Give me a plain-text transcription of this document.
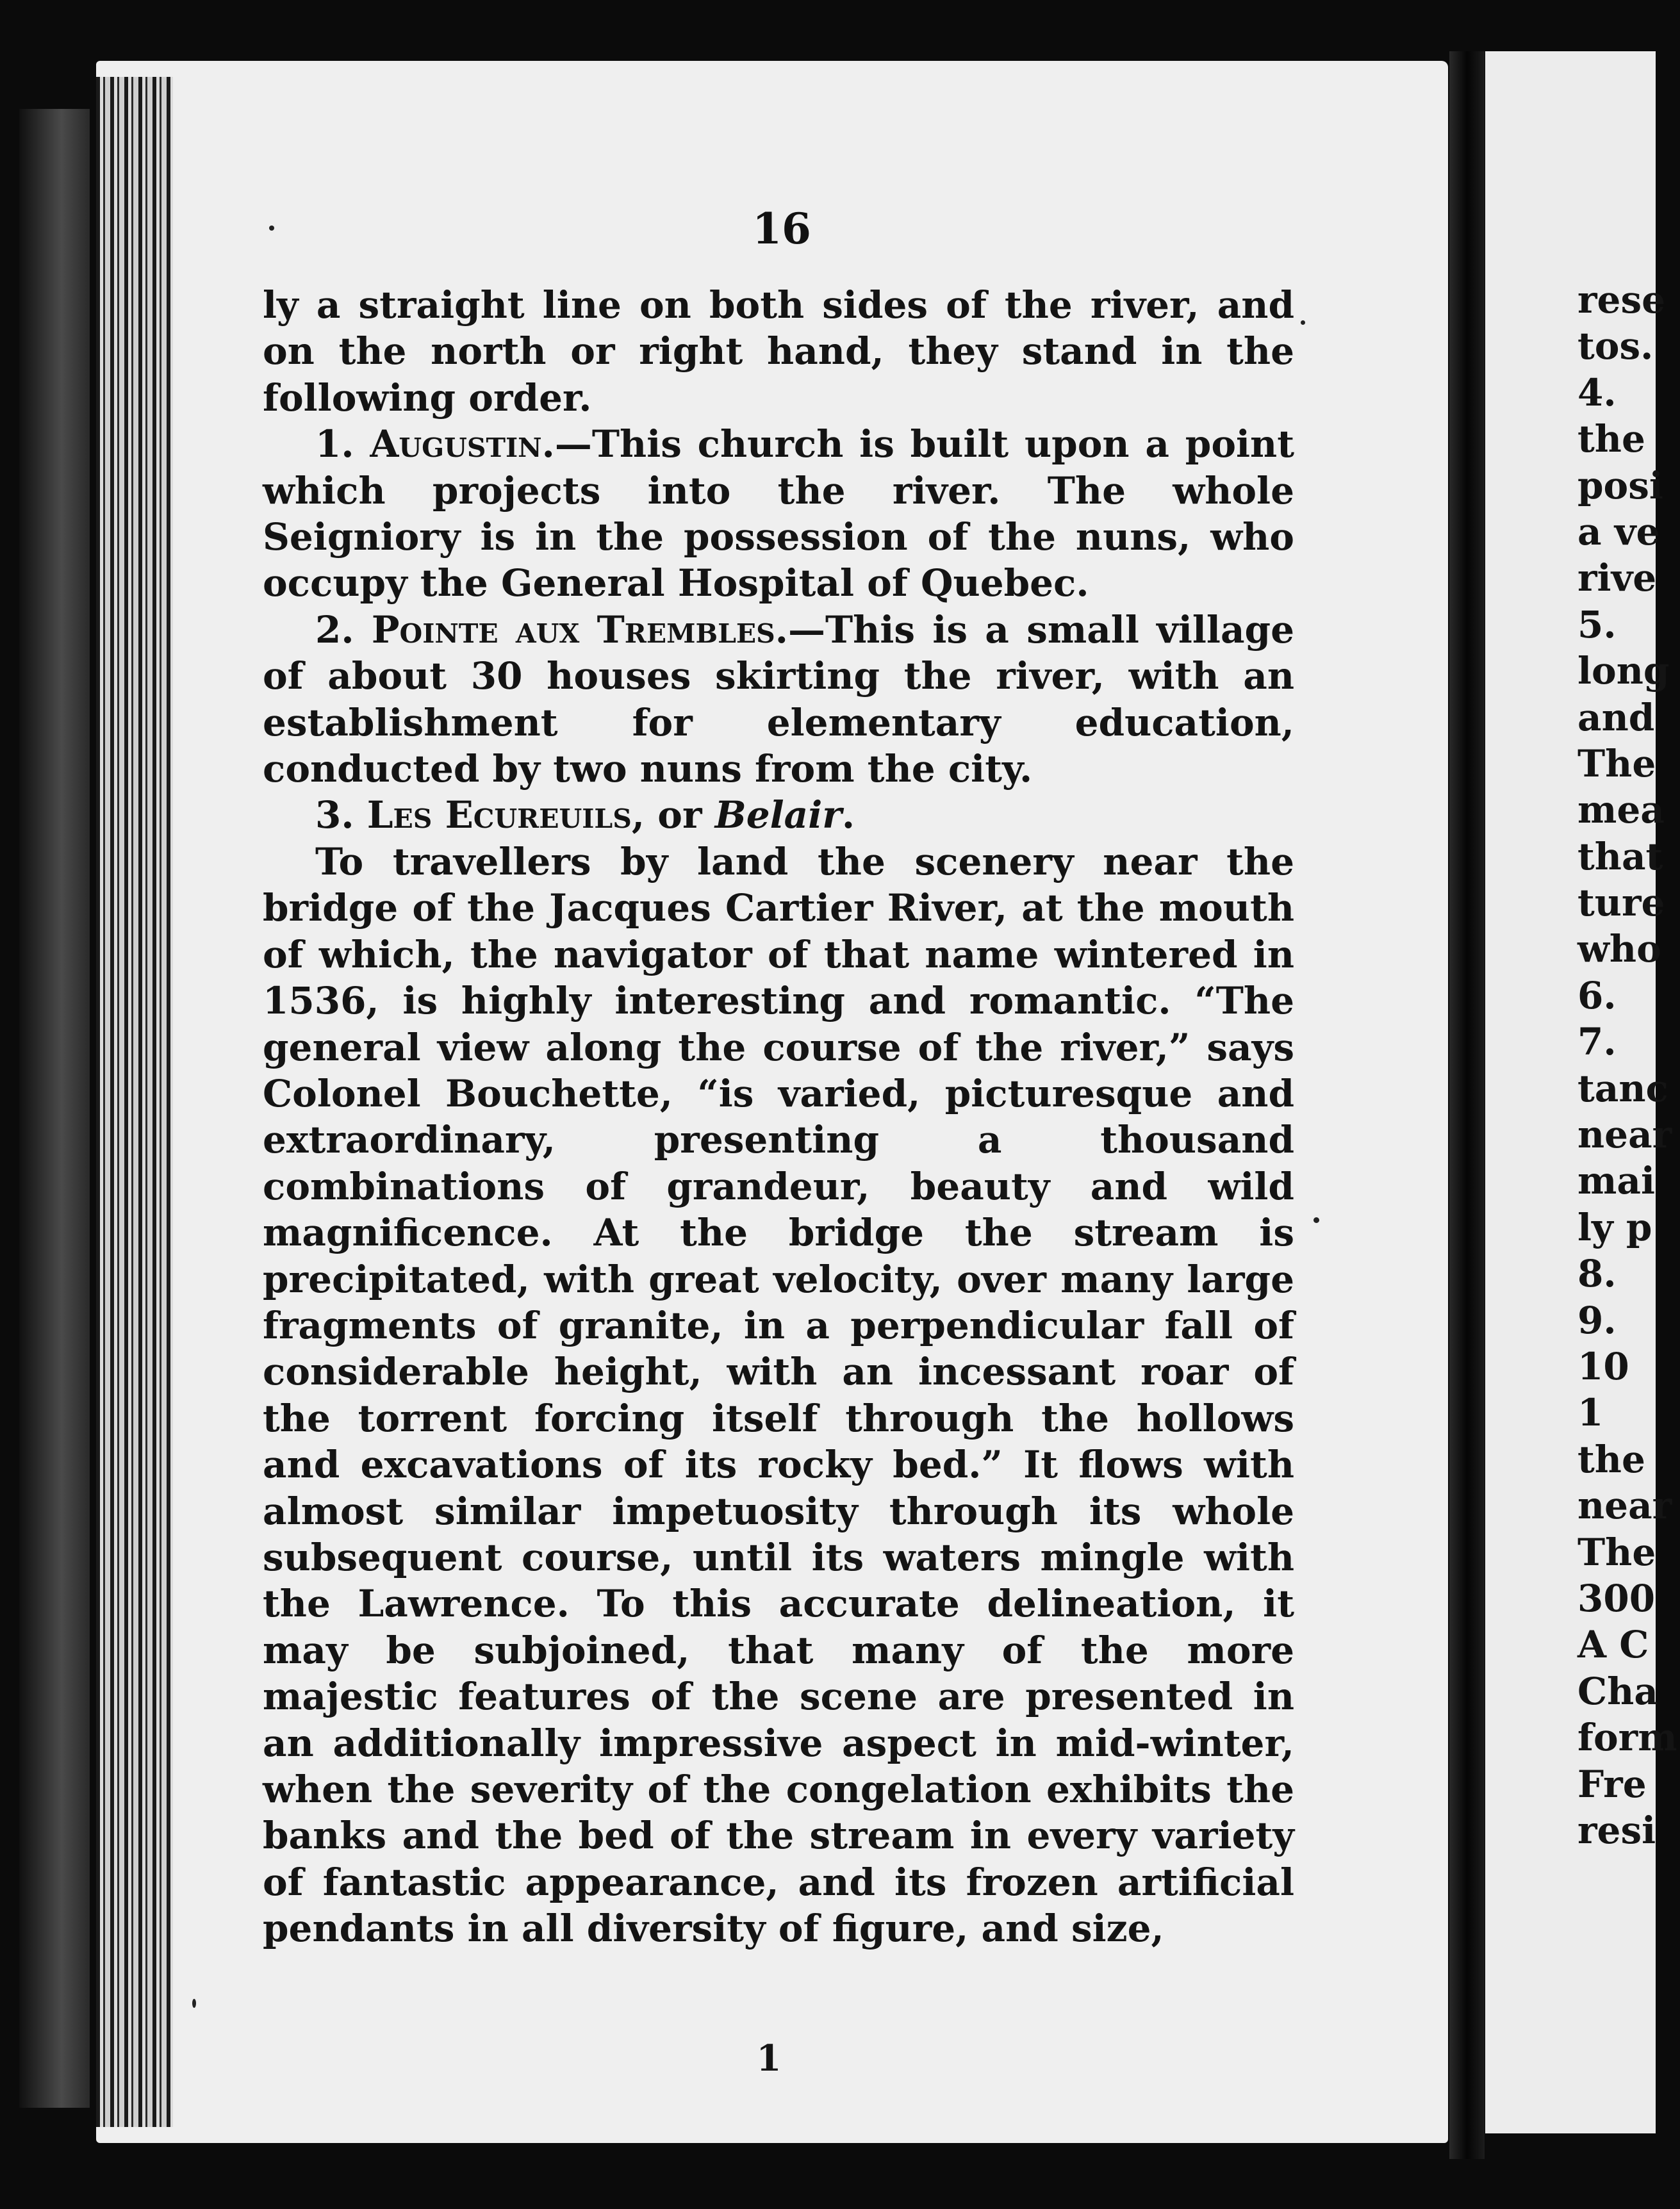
16

ly a straight line on both sides of the river, and on the north or right hand, they stand in the following order.

1. Augustin.—This church is built upon a point which projects into the river. The whole Seigniory is in the possession of the nuns, who occupy the General Hospital of Quebec.

2. Pointe aux Trembles.—This is a small village of about 30 houses skirting the river, with an establishment for elementary education, conducted by two nuns from the city.

3. Les Ecureuils, or Belair.

To travellers by land the scenery near the bridge of the Jacques Cartier River, at the mouth of which, the navigator of that name wintered in 1536, is highly interesting and romantic. “The general view along the course of the river,” says Colonel Bouchette, “is varied, picturesque and extraordinary, presenting a thousand combinations of grandeur, beauty and wild magnificence. At the bridge the stream is precipitated, with great velocity, over many large fragments of granite, in a perpendicular fall of considerable height, with an incessant roar of the torrent forcing itself through the hollows and excavations of its rocky bed.” It flows with almost similar impetuosity through its whole subsequent course, until its waters mingle with the Lawrence. To this accurate delineation, it may be subjoined, that many of the more majestic features of the scene are presented in an additionally impressive aspect in mid-winter, when the severity of the congelation exhibits the banks and the bed of the stream in every variety of fantastic appearance, and its frozen artificial pendants in all diversity of figure, and size,

1
rese
tos.
4.
the
posi
a ve
rive
5.
long
and
The
mea
that
ture
who
6.
7.
tanc
near
mai
ly p
8.
9.
10
1
the
near
The
300
A C
Cha
form
Fre
resi
